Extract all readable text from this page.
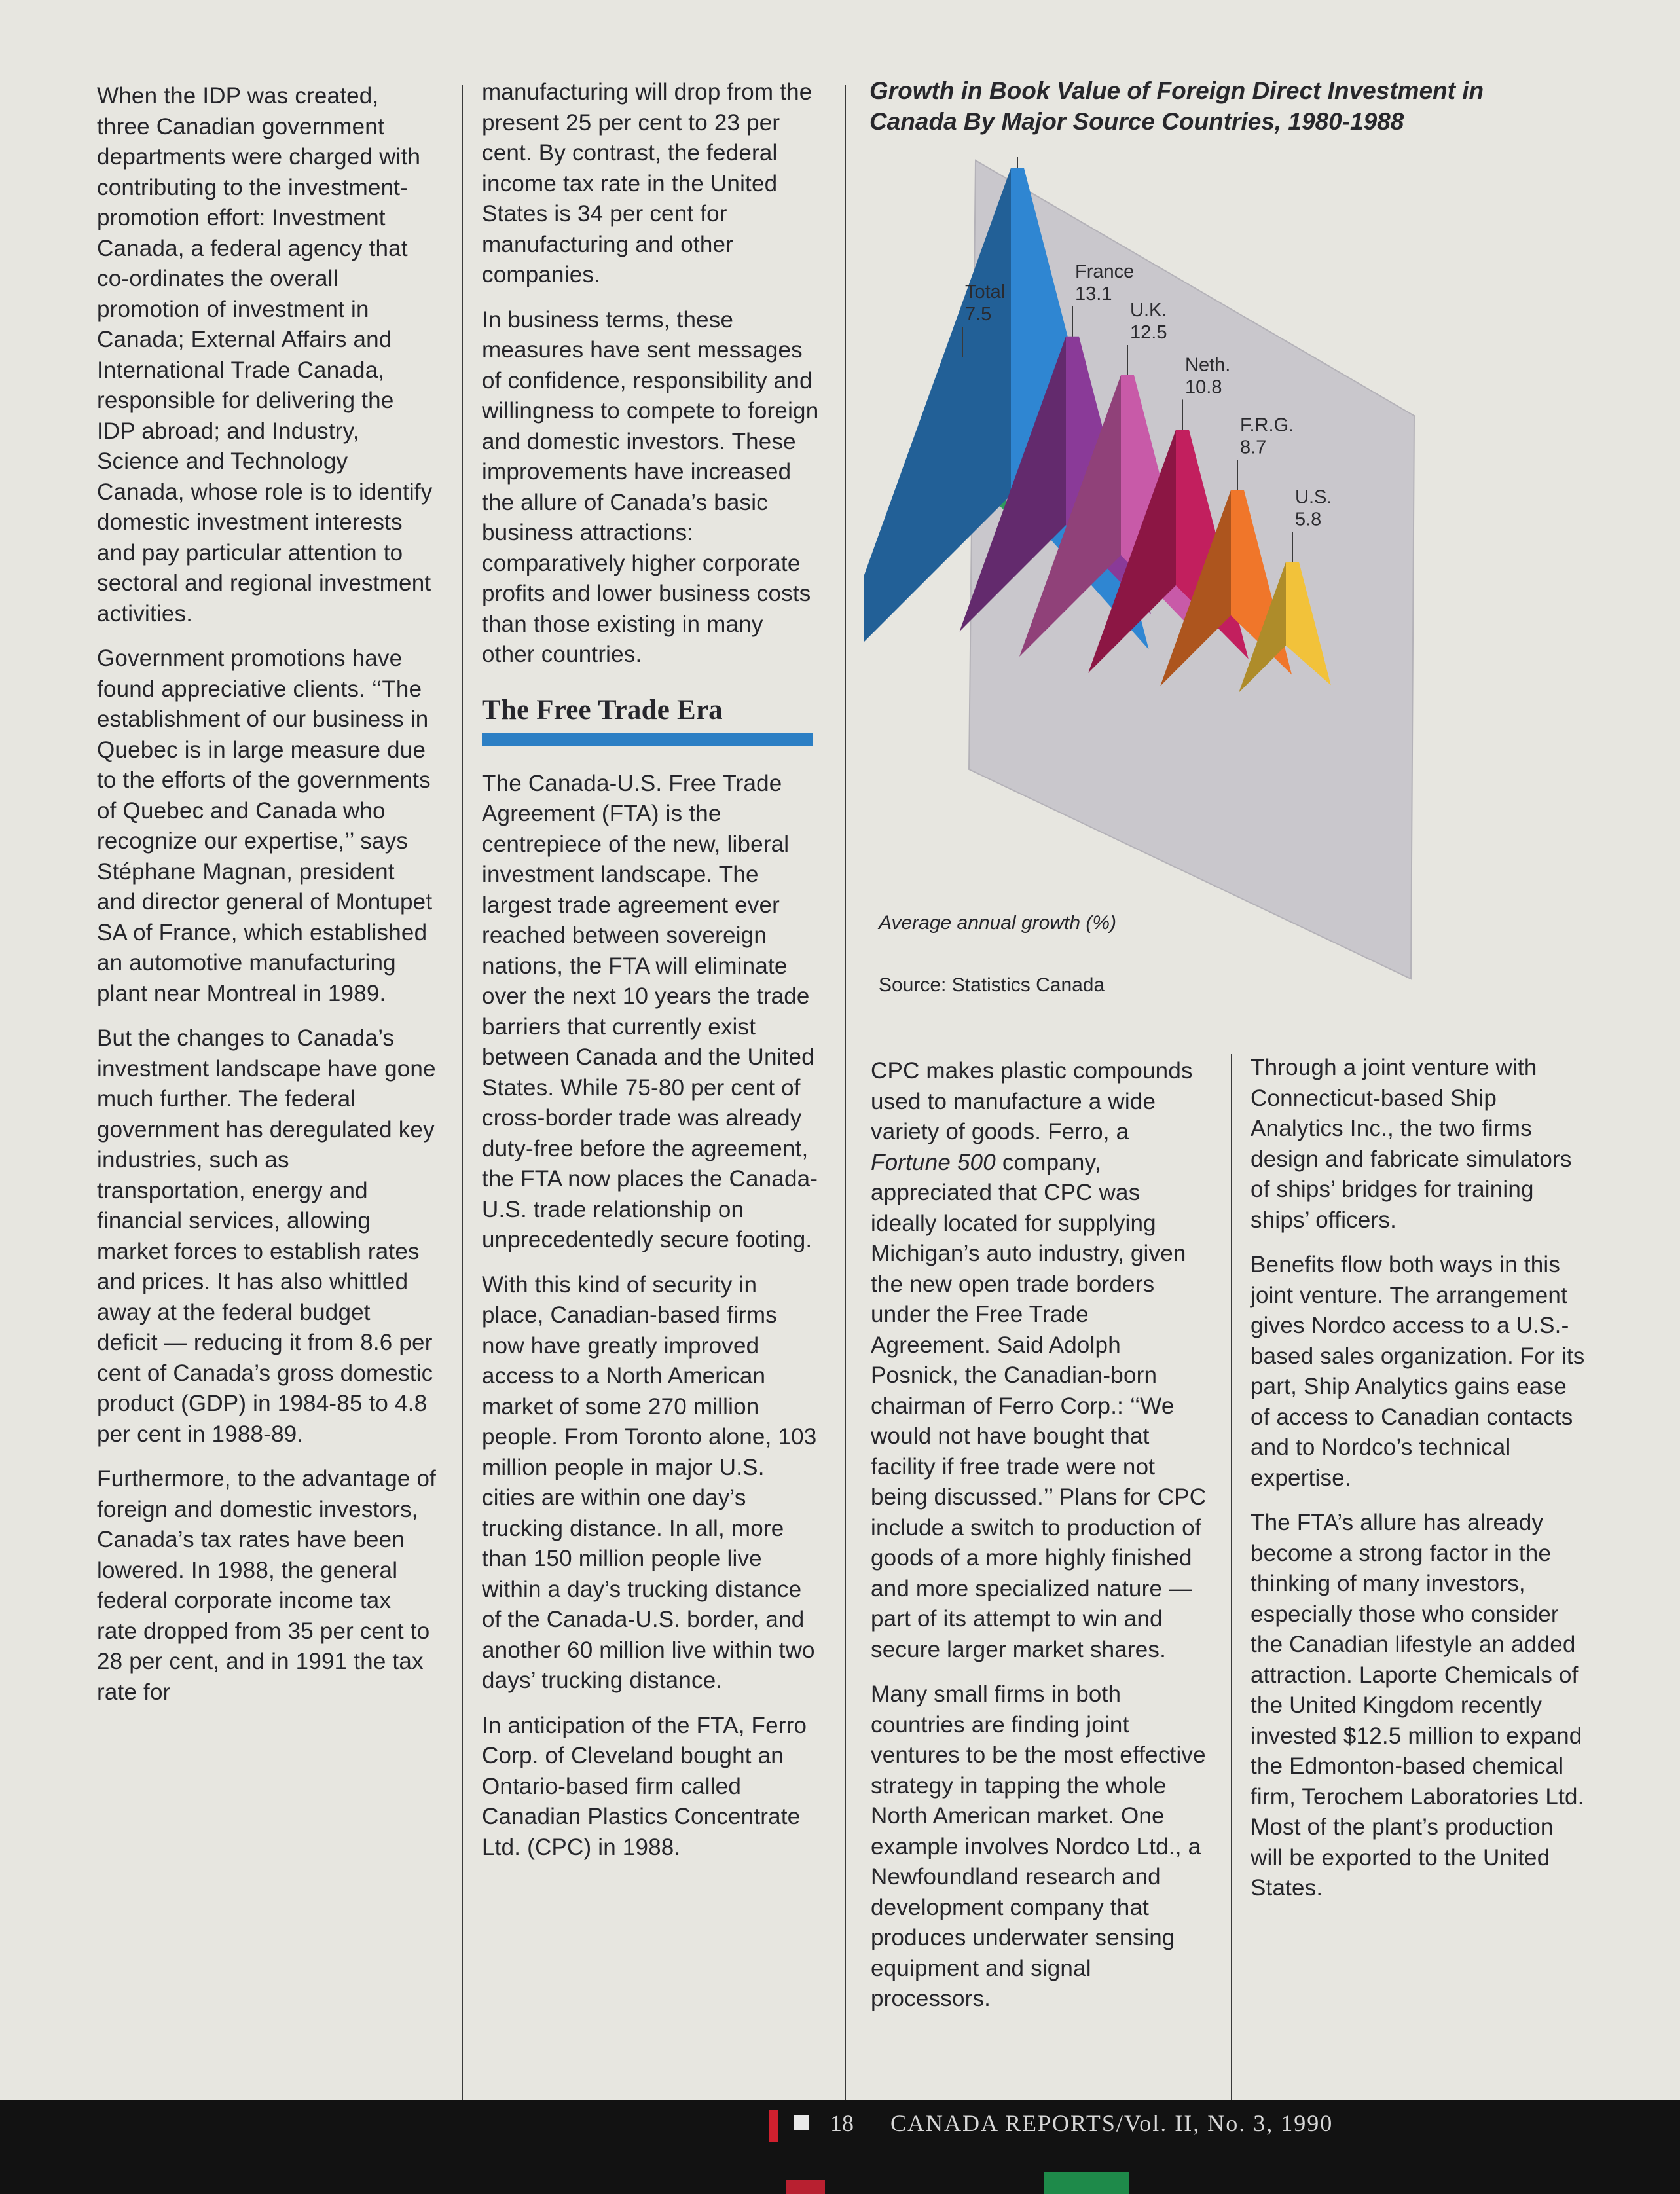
When the IDP was created, three Canadian government departments were charged with contributing to the investment-promotion effort: Investment Canada, a federal agency that co-ordinates the overall promotion of investment in Canada; External Affairs and International Trade Canada, responsible for delivering the IDP abroad; and Industry, Science and Technology Canada, whose role is to identify domestic investment interests and pay particular attention to sectoral and regional investment activities.

Government promotions have found appreciative clients. ‘‘The establishment of our business in Quebec is in large measure due to the efforts of the governments of Quebec and Canada who recognize our expertise,’’ says Stéphane Magnan, president and director general of Montupet SA of France, which established an automotive manufacturing plant near Montreal in 1989.

But the changes to Canada’s investment landscape have gone much further. The federal government has deregulated key industries, such as transportation, energy and financial services, allowing market forces to establish rates and prices. It has also whittled away at the federal budget deficit — reducing it from 8.6 per cent of Canada’s gross domestic product (GDP) in 1984-85 to 4.8 per cent in 1988-89.

Furthermore, to the advantage of foreign and domestic investors, Canada’s tax rates have been lowered. In 1988, the general federal corporate income tax rate dropped from 35 per cent to 28 per cent, and in 1991 the tax rate for

manufacturing will drop from the present 25 per cent to 23 per cent. By contrast, the federal income tax rate in the United States is 34 per cent for manufacturing and other companies.

In business terms, these measures have sent messages of confidence, responsibility and willingness to compete to foreign and domestic investors. These improvements have increased the allure of Canada’s basic business attractions: comparatively higher corporate profits and lower business costs than those existing in many other countries.

The Free Trade Era

The Canada-U.S. Free Trade Agreement (FTA) is the centrepiece of the new, liberal investment landscape. The largest trade agreement ever reached between sovereign nations, the FTA will eliminate over the next 10 years the trade barriers that currently exist between Canada and the United States. While 75-80 per cent of cross-border trade was already duty-free before the agreement, the FTA now places the Canada-U.S. trade relationship on unprecedentedly secure footing.

With this kind of security in place, Canadian-based firms now have greatly improved access to a North American market of some 270 million people. From Toronto alone, 103 million people in major U.S. cities are within one day’s trucking distance. In all, more than 150 million people live within a day’s trucking distance of the Canada-U.S. border, and another 60 million live within two days’ trucking distance.

In anticipation of the FTA, Ferro Corp. of Cleveland bought an Ontario-based firm called Canadian Plastics Concentrate Ltd. (CPC) in 1988.

Growth in Book Value of Foreign Direct Investment in Canada By Major Source Countries, 1980-1988
Total
7.5
France
13.1
U.K.
12.5
Neth.
10.8
F.R.G.
8.7
U.S.
5.8
Average annual growth (%)
Source: Statistics Canada

CPC makes plastic compounds used to manufacture a wide variety of goods. Ferro, a Fortune 500 company, appreciated that CPC was ideally located for supplying Michigan’s auto industry, given the new open trade borders under the Free Trade Agreement. Said Adolph Posnick, the Canadian-born chairman of Ferro Corp.: ‘‘We would not have bought that facility if free trade were not being discussed.’’ Plans for CPC include a switch to production of goods of a more highly finished and more specialized nature — part of its attempt to win and secure larger market shares.

Many small firms in both countries are finding joint ventures to be the most effective strategy in tapping the whole North American market. One example involves Nordco Ltd., a Newfoundland research and development company that produces underwater sensing equipment and signal processors.

Through a joint venture with Connecticut-based Ship Analytics Inc., the two firms design and fabricate simulators of ships’ bridges for training ships’ officers.

Benefits flow both ways in this joint venture. The arrangement gives Nordco access to a U.S.-based sales organization. For its part, Ship Analytics gains ease of access to Canadian contacts and to Nordco’s technical expertise.

The FTA’s allure has already become a strong factor in the thinking of many investors, especially those who consider the Canadian lifestyle an added attraction. Laporte Chemicals of the United Kingdom recently invested $12.5 million to expand the Edmonton-based chemical firm, Terochem Laboratories Ltd. Most of the plant’s production will be exported to the United States.

18 CANADA REPORTS/Vol. II, No. 3, 1990
